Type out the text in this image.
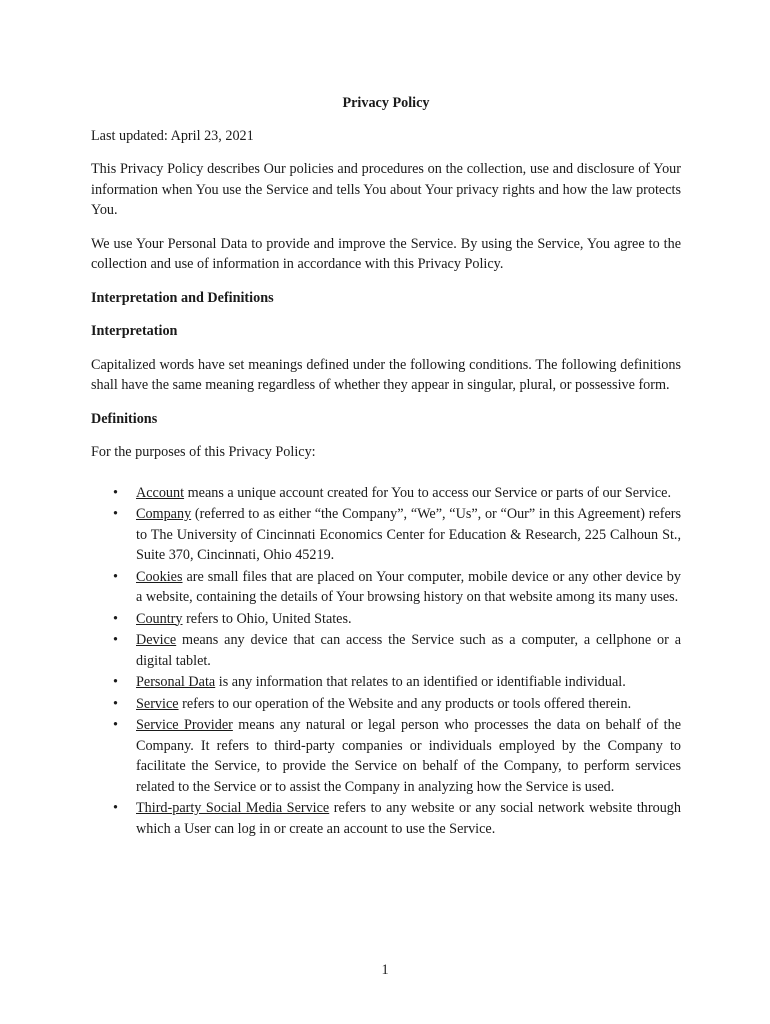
Privacy Policy

Last updated: April 23, 2021

This Privacy Policy describes Our policies and procedures on the collection, use and disclosure of Your information when You use the Service and tells You about Your privacy rights and how the law protects You.

We use Your Personal Data to provide and improve the Service. By using the Service, You agree to the collection and use of information in accordance with this Privacy Policy.

Interpretation and Definitions
Interpretation

Capitalized words have set meanings defined under the following conditions. The following definitions shall have the same meaning regardless of whether they appear in singular, plural, or possessive form.

Definitions

For the purposes of this Privacy Policy:

• Account means a unique account created for You to access our Service or parts of our Service.
• Company (referred to as either “the Company”, “We”, “Us”, or “Our” in this Agreement) refers to The University of Cincinnati Economics Center for Education & Research, 225 Calhoun St., Suite 370, Cincinnati, Ohio 45219.
• Cookies are small files that are placed on Your computer, mobile device or any other device by a website, containing the details of Your browsing history on that website among its many uses.
• Country refers to Ohio, United States.
• Device means any device that can access the Service such as a computer, a cellphone or a digital tablet.
• Personal Data is any information that relates to an identified or identifiable individual.
• Service refers to our operation of the Website and any products or tools offered therein.
• Service Provider means any natural or legal person who processes the data on behalf of the Company. It refers to third-party companies or individuals employed by the Company to facilitate the Service, to provide the Service on behalf of the Company, to perform services related to the Service or to assist the Company in analyzing how the Service is used.
• Third-party Social Media Service refers to any website or any social network website through which a User can log in or create an account to use the Service.
1
